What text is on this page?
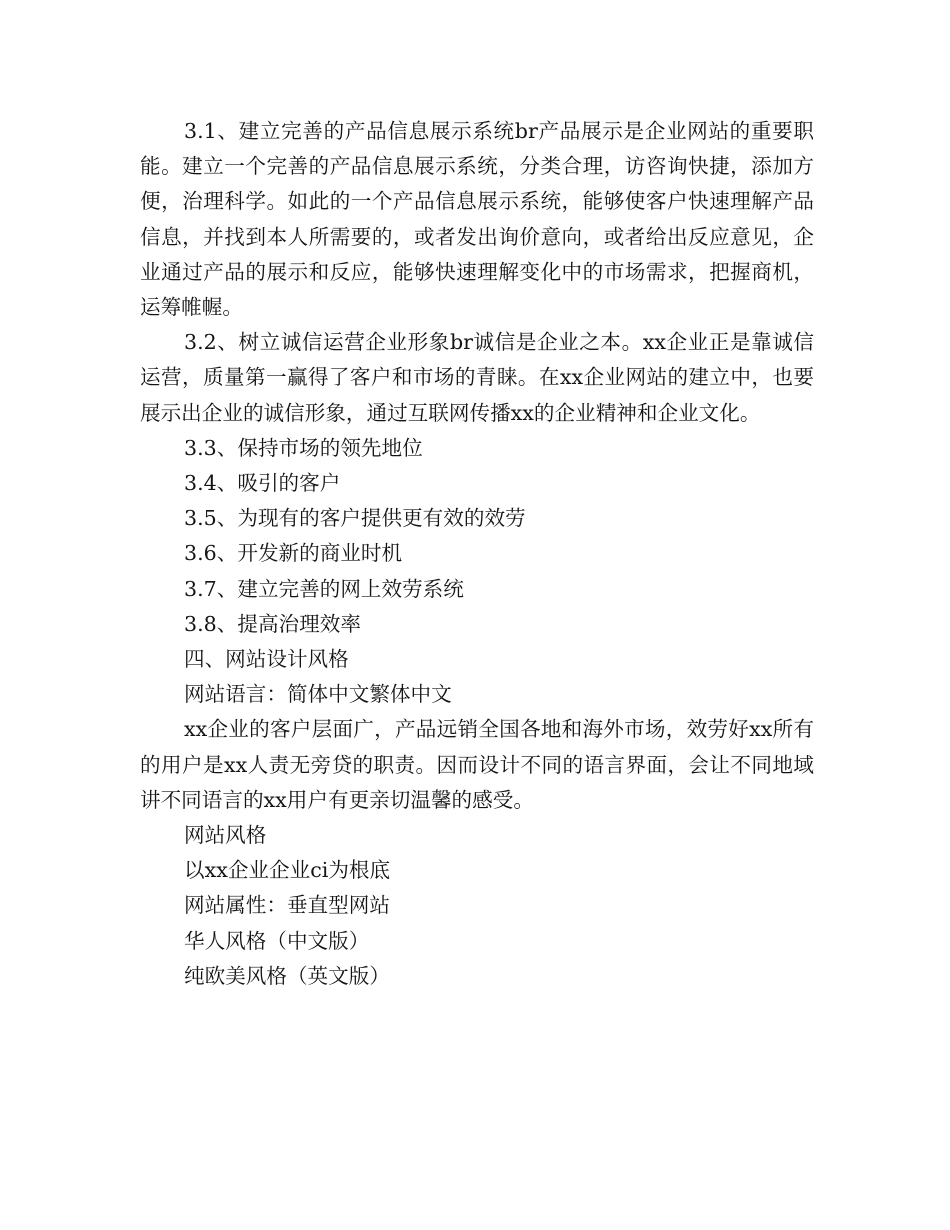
3.1、建立完善的产品信息展示系统br产品展示是企业网站的重要职能。建立一个完善的产品信息展示系统，分类合理，访咨询快捷，添加方便，治理科学。如此的一个产品信息展示系统，能够使客户快速理解产品信息，并找到本人所需要的，或者发出询价意向，或者给出反应意见，企业通过产品的展示和反应，能够快速理解变化中的市场需求，把握商机，运筹帷幄。

3.2、树立诚信运营企业形象br诚信是企业之本。xx企业正是靠诚信运营，质量第一赢得了客户和市场的青睐。在xx企业网站的建立中，也要展示出企业的诚信形象，通过互联网传播xx的企业精神和企业文化。

3.3、保持市场的领先地位

3.4、吸引的客户

3.5、为现有的客户提供更有效的效劳

3.6、开发新的商业时机

3.7、建立完善的网上效劳系统

3.8、提高治理效率

四、网站设计风格

网站语言：简体中文繁体中文

xx企业的客户层面广，产品远销全国各地和海外市场，效劳好xx所有的用户是xx人责无旁贷的职责。因而设计不同的语言界面，会让不同地域讲不同语言的xx用户有更亲切温馨的感受。

网站风格

以xx企业企业ci为根底

网站属性：垂直型网站

华人风格（中文版）

纯欧美风格（英文版）
